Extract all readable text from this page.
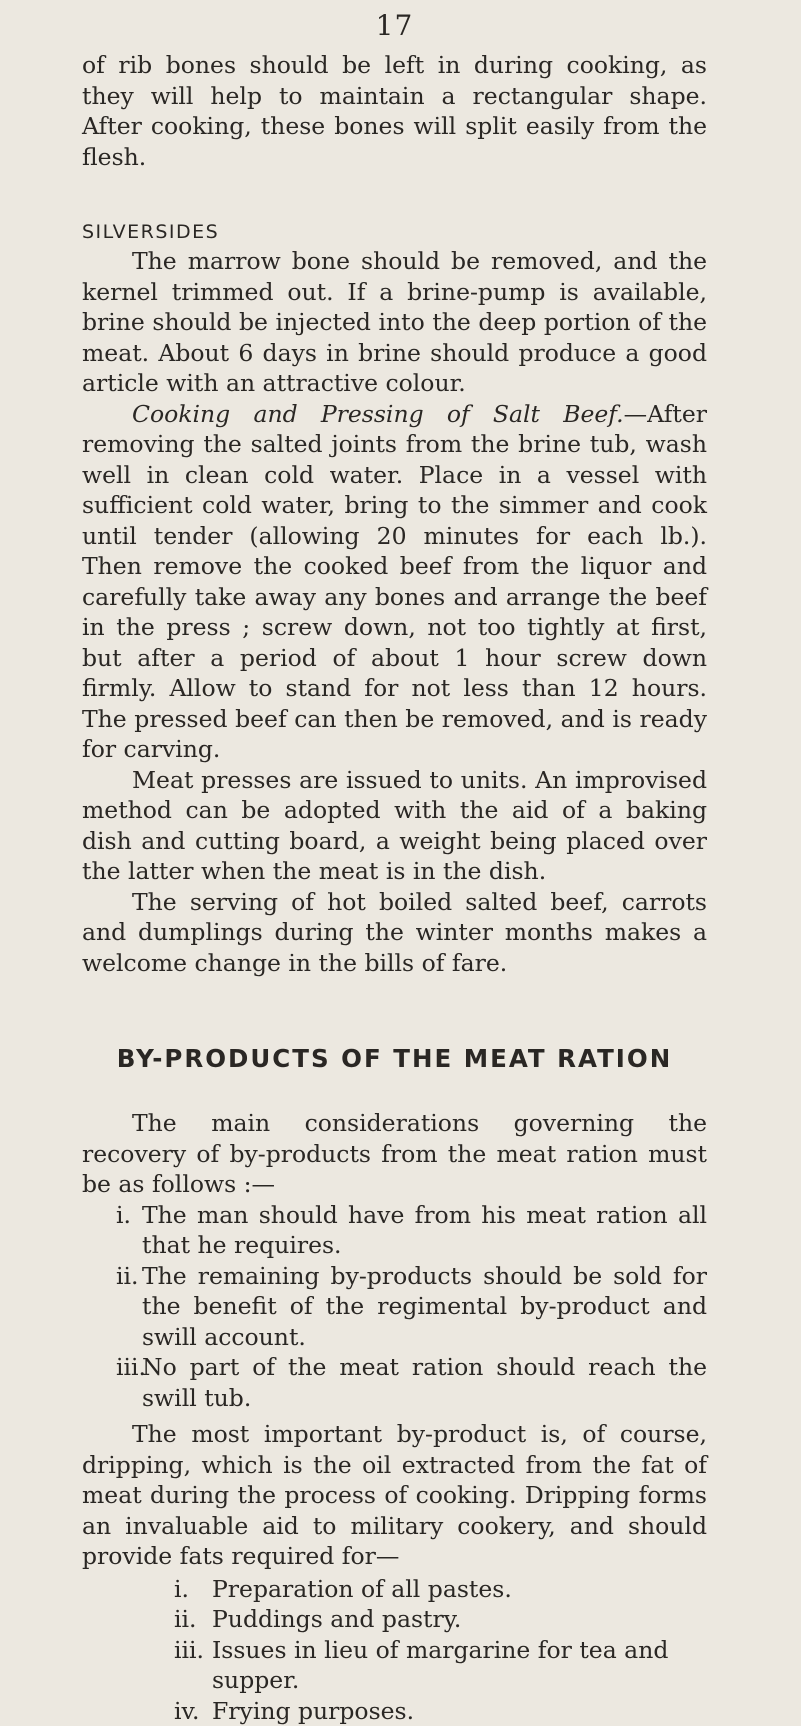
17

of rib bones should be left in during cooking, as they will help to maintain a rectangular shape. After cooking, these bones will split easily from the flesh.

SILVERSIDES

The marrow bone should be removed, and the kernel trimmed out. If a brine-pump is available, brine should be injected into the deep portion of the meat. About 6 days in brine should produce a good article with an attractive colour.

Cooking and Pressing of Salt Beef.—After removing the salted joints from the brine tub, wash well in clean cold water. Place in a vessel with sufficient cold water, bring to the simmer and cook until tender (allowing 20 minutes for each lb.). Then remove the cooked beef from the liquor and carefully take away any bones and arrange the beef in the press ; screw down, not too tightly at first, but after a period of about 1 hour screw down firmly. Allow to stand for not less than 12 hours. The pressed beef can then be removed, and is ready for carving.

Meat presses are issued to units. An improvised method can be adopted with the aid of a baking dish and cutting board, a weight being placed over the latter when the meat is in the dish.

The serving of hot boiled salted beef, carrots and dumplings during the winter months makes a welcome change in the bills of fare.

BY-PRODUCTS OF THE MEAT RATION

The main considerations governing the recovery of by-products from the meat ration must be as follows :—

i. The man should have from his meat ration all that he requires.
ii. The remaining by-products should be sold for the benefit of the regimental by-product and swill account.
iii.
No part of the meat ration should reach the swill tub.

The most important by-product is, of course, dripping, which is the oil extracted from the fat of meat during the process of cooking. Dripping forms an invaluable aid to military cookery, and should provide fats required for—

i. Preparation of all pastes.
ii. Puddings and pastry.
iii. Issues in lieu of margarine for tea and supper.
iv. Frying purposes.
